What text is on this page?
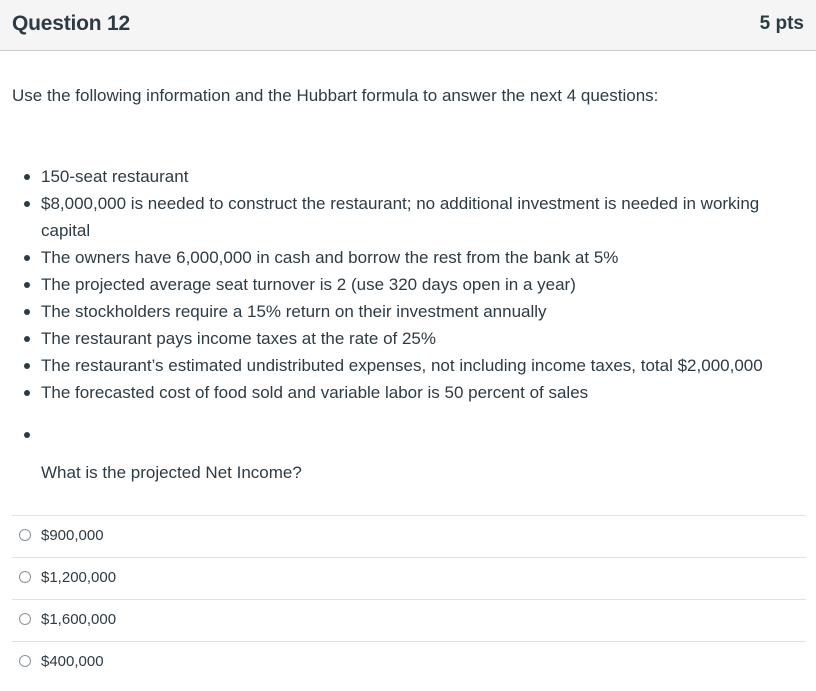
Question 12	5 pts
Use the following information and the Hubbart formula to answer the next 4 questions:
150-seat restaurant
$8,000,000 is needed to construct the restaurant; no additional investment is needed in working capital
The owners have 6,000,000 in cash and borrow the rest from the bank at 5%
The projected average seat turnover is 2 (use 320 days open in a year)
The stockholders require a 15% return on their investment annually
The restaurant pays income taxes at the rate of 25%
The restaurant’s estimated undistributed expenses, not including income taxes, total $2,000,000
The forecasted cost of food sold and variable labor is 50 percent of sales
What is the projected Net Income?
$900,000
$1,200,000
$1,600,000
$400,000
